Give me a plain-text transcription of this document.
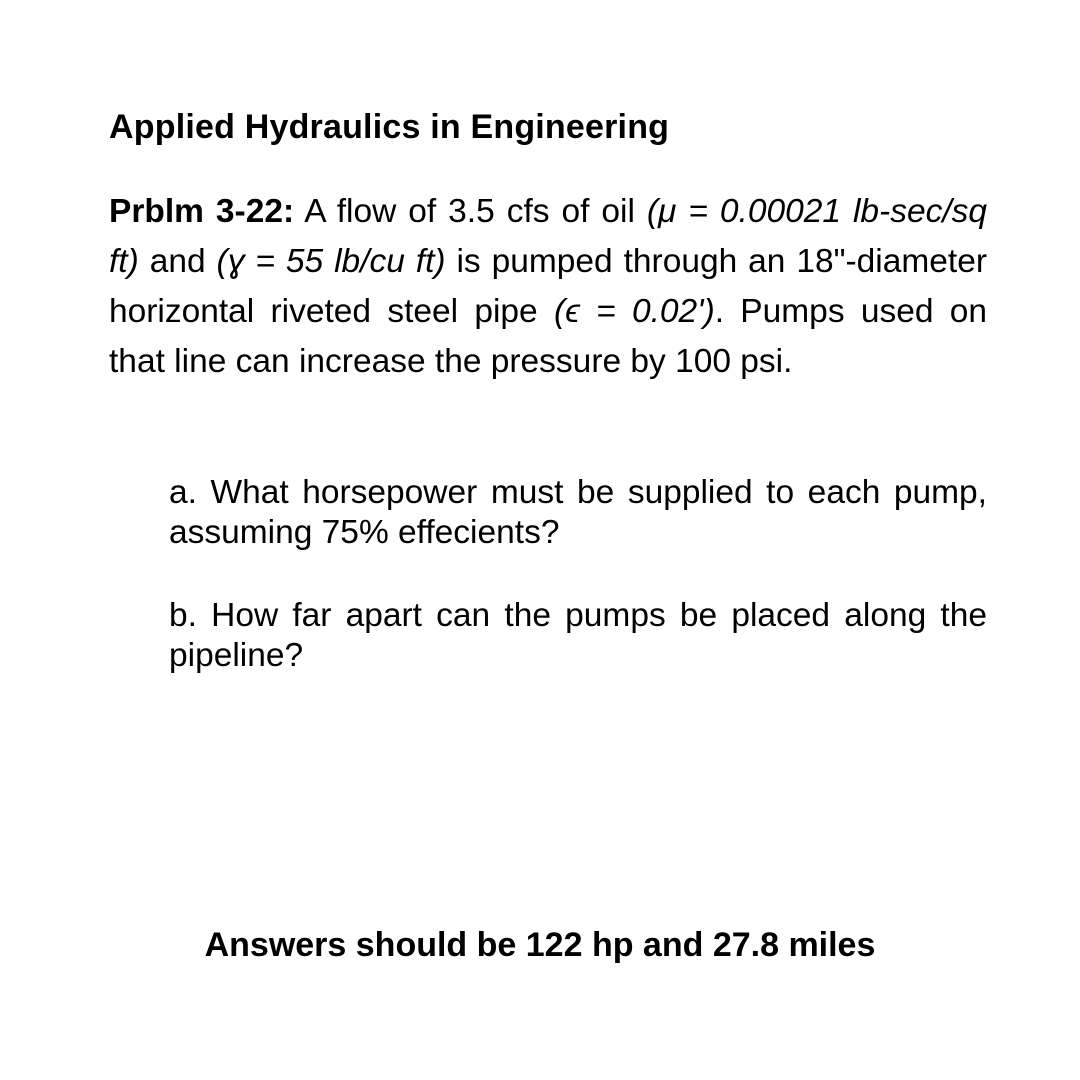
Applied Hydraulics in Engineering

Prblm 3-22: A flow of 3.5 cfs of oil (μ = 0.00021 lb-sec/sq ft) and (ɣ = 55 lb/cu ft) is pumped through an 18"-diameter horizontal riveted steel pipe (ϵ = 0.02'). Pumps used on that line can increase the pressure by 100 psi.

a. What horsepower must be supplied to each pump, assuming 75% effecients?

b. How far apart can the pumps be placed along the pipeline?

Answers should be 122 hp and 27.8 miles
